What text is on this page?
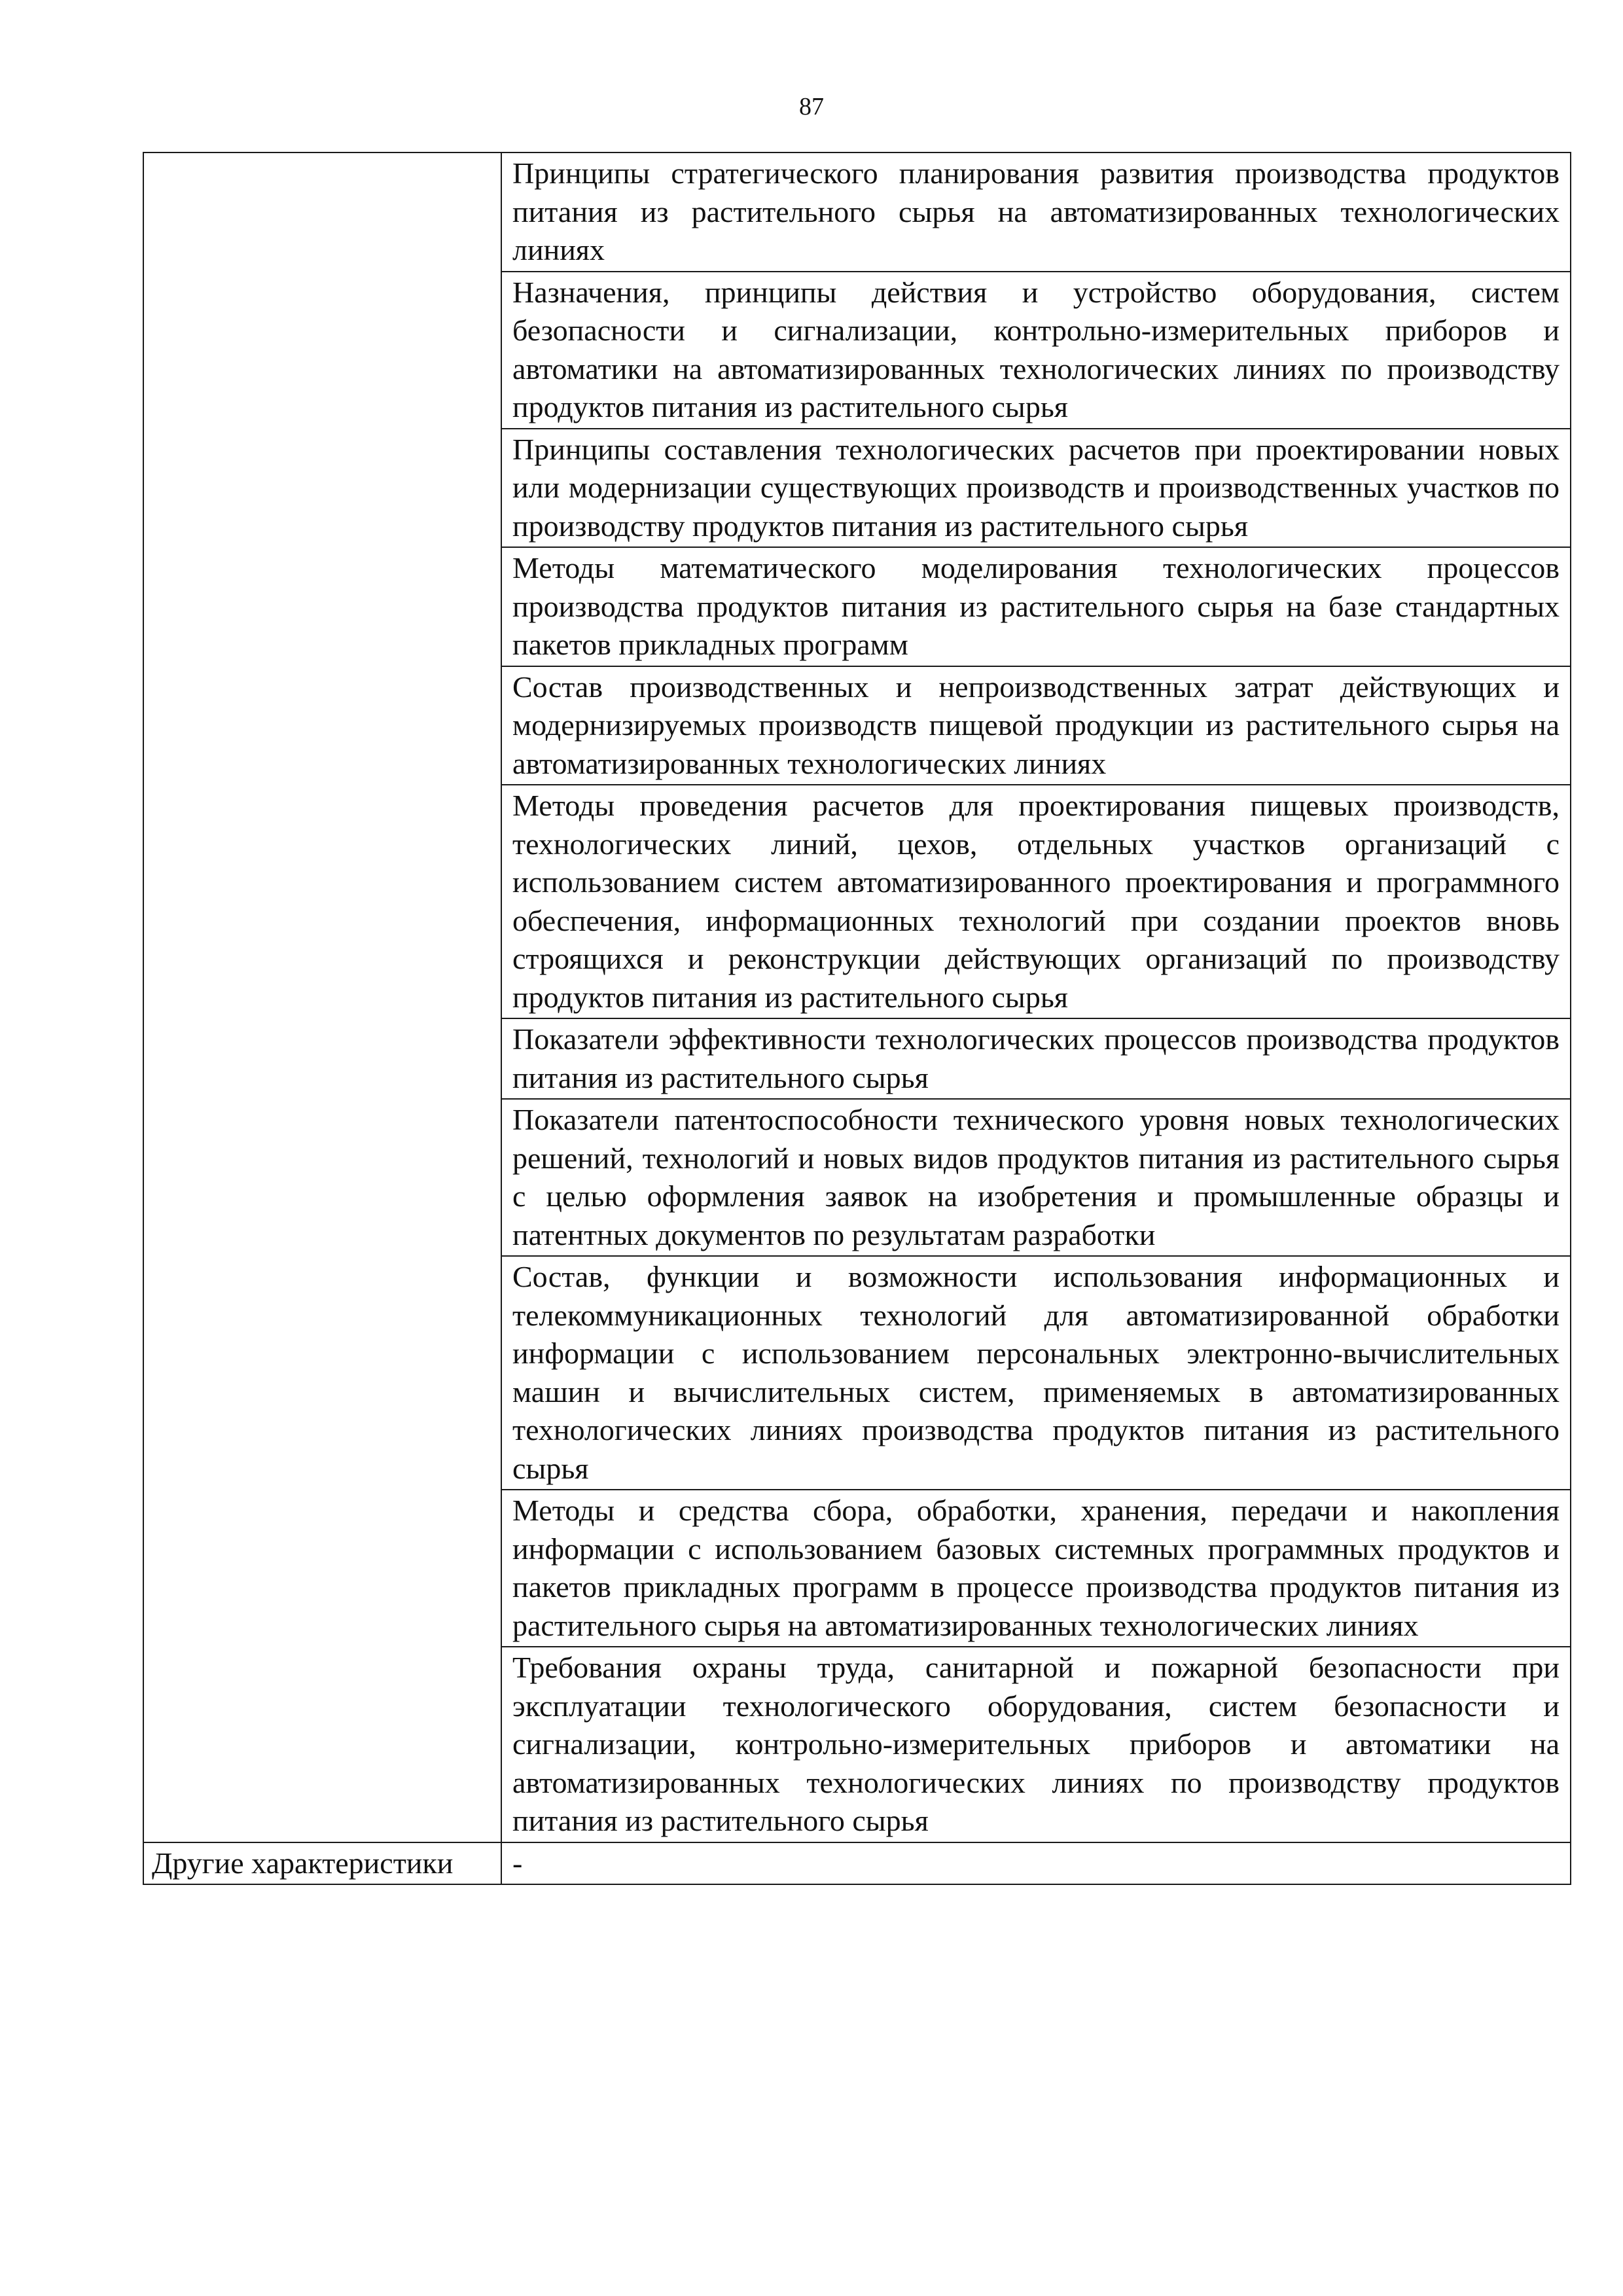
87
	Принципы стратегического планирования развития производства продуктов питания из растительного сырья на автоматизированных технологических линиях
	Назначения, принципы действия и устройство оборудования, систем безопасности и сигнализации, контрольно-измерительных приборов и автоматики на автоматизированных технологических линиях по производству продуктов питания из растительного сырья
	Принципы составления технологических расчетов при проектировании новых или модернизации существующих производств и производственных участков по производству продуктов питания из растительного сырья
	Методы математического моделирования технологических процессов производства продуктов питания из растительного сырья на базе стандартных пакетов прикладных программ
	Состав производственных и непроизводственных затрат действующих и модернизируемых производств пищевой продукции из растительного сырья на автоматизированных технологических линиях
	Методы проведения расчетов для проектирования пищевых производств, технологических линий, цехов, отдельных участков организаций с использованием систем автоматизированного проектирования и программного обеспечения, информационных технологий при создании проектов вновь строящихся и реконструкции действующих организаций по производству продуктов питания из растительного сырья
	Показатели эффективности технологических процессов производства продуктов питания из растительного сырья
	Показатели патентоспособности технического уровня новых технологических решений, технологий и новых видов продуктов питания из растительного сырья с целью оформления заявок на изобретения и промышленные образцы и патентных документов по результатам разработки
	Состав, функции и возможности использования информационных и телекоммуникационных технологий для автоматизированной обработки информации с использованием персональных электронно-вычислительных машин и вычислительных систем, применяемых в автоматизированных технологических линиях производства продуктов питания из растительного сырья
	Методы и средства сбора, обработки, хранения, передачи и накопления информации с использованием базовых системных программных продуктов и пакетов прикладных программ в процессе производства продуктов питания из растительного сырья на автоматизированных технологических линиях
	Требования охраны труда, санитарной и пожарной безопасности при эксплуатации технологического оборудования, систем безопасности и сигнализации, контрольно-измерительных приборов и автоматики на автоматизированных технологических линиях по производству продуктов питания из растительного сырья
Другие характеристики	-
